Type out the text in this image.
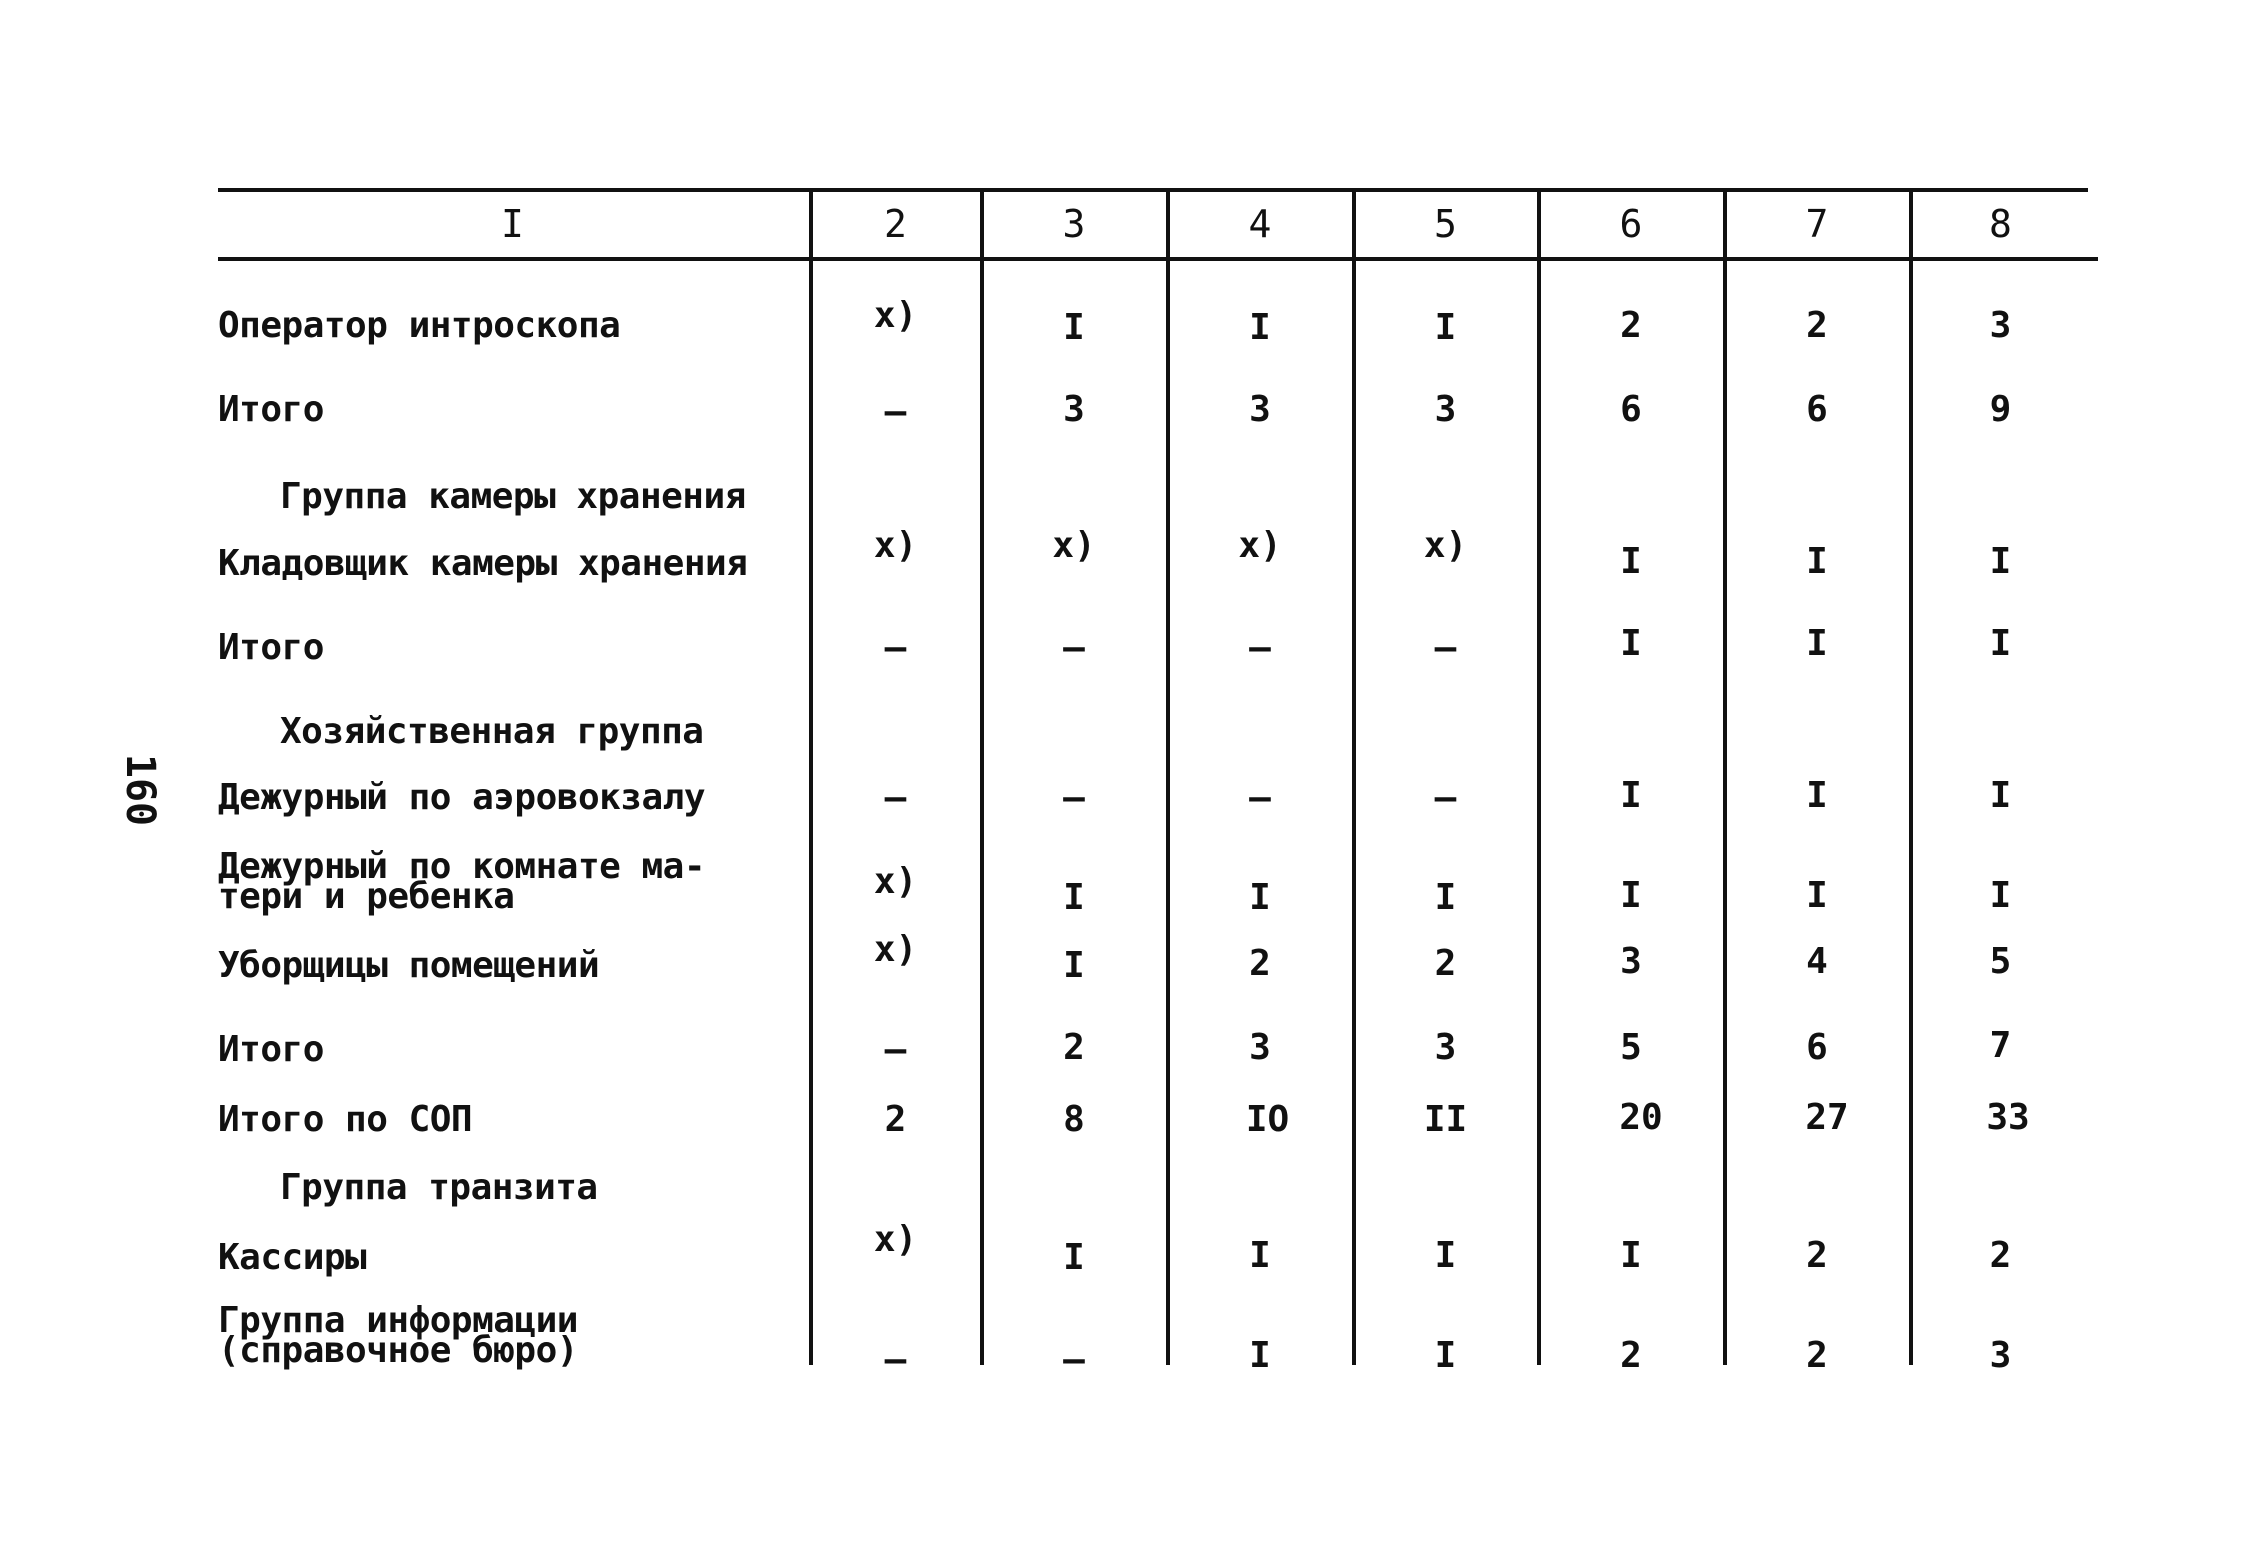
160
I	2	3	4	5	6	7	8
Оператор интроскопа	x)	I	I	I	2	2	3
Итого	–	3	3	3	6	6	9
Группа камеры хранения
Кладовщик камеры хранения	x)	x)	x)	x)	I	I	I
Итого	–	–	–	–	I	I	I
Хозяйственная группа
Дежурный по аэровокзалу	–	–	–	–	I	I	I
Дежурный по комнате ма-
тери и ребенка	x)	I	I	I	I	I	I
Уборщицы помещений	x)	I	2	2	3	4	5
Итого	–	2	3	3	5	6	7
Итого по СОП	2	8	IO	II	20	27	33
Группа транзита
Кассиры	x)	I	I	I	I	2	2
Группа информации
(справочное бюро)	–	–	I	I	2	2	3
